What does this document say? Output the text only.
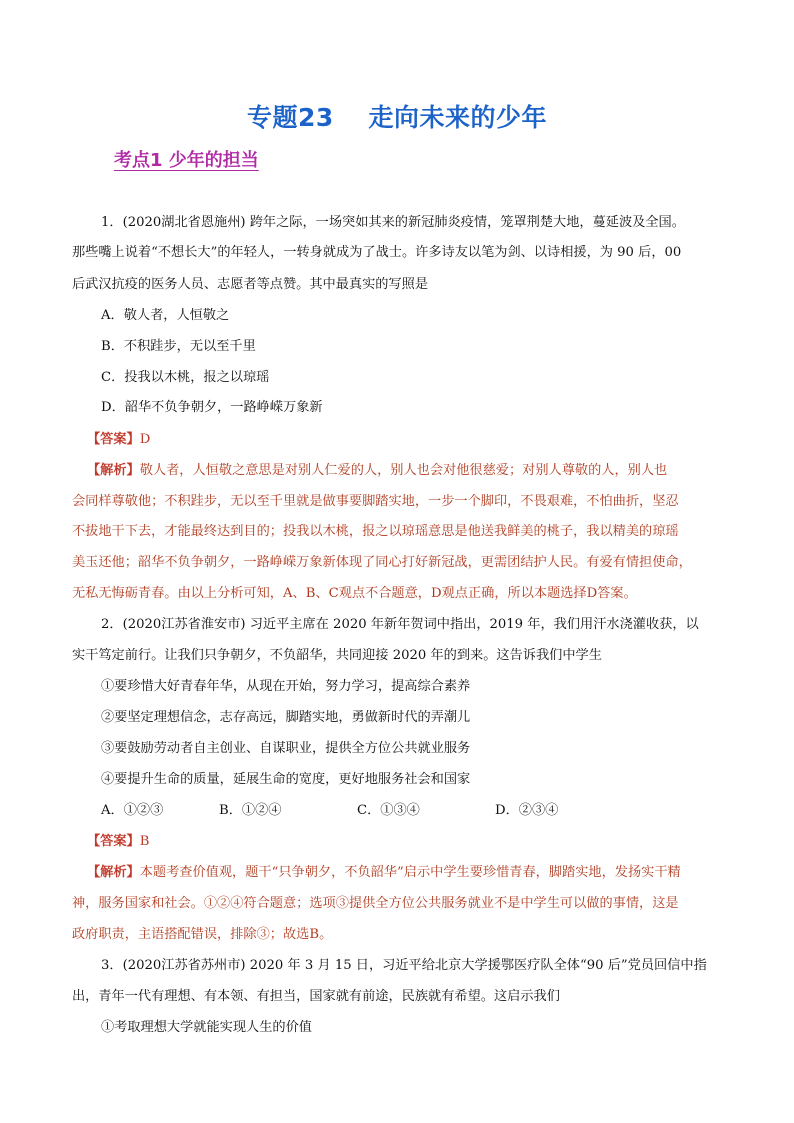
专题23　 走向未来的少年
考点1 少年的担当
1．(2020湖北省恩施州) 跨年之际，一场突如其来的新冠肺炎疫情，笼罩荆楚大地，蔓延波及全国。
那些嘴上说着“不想长大”的年轻人，一转身就成为了战士。许多诗友以笔为剑、以诗相援，为 90 后，00
后武汉抗疫的医务人员、志愿者等点赞。其中最真实的写照是
A．敬人者，人恒敬之
B．不积跬步，无以至千里
C．投我以木桃，报之以琼瑶
D．韶华不负争朝夕，一路峥嵘万象新
【答案】D
【解析】敬人者，人恒敬之意思是对别人仁爱的人，别人也会对他很慈爱；对别人尊敬的人，别人也
会同样尊敬他；不积跬步，无以至千里就是做事要脚踏实地，一步一个脚印，不畏艰难，不怕曲折，坚忍
不拔地干下去，才能最终达到目的；投我以木桃，报之以琼瑶意思是他送我鲜美的桃子，我以精美的琼瑶
美玉还他；韶华不负争朝夕，一路峥嵘万象新体现了同心打好新冠战，更需团结护人民。有爱有情担使命，
无私无悔砺青春。由以上分析可知，A、B、C观点不合题意，D观点正确，所以本题选择D答案。
2．(2020江苏省淮安市) 习近平主席在 2020 年新年贺词中指出，2019 年，我们用汗水浇灌收获，以
实干笃定前行。让我们只争朝夕，不负韶华，共同迎接 2020 年的到来。这告诉我们中学生
①要珍惜大好青春年华，从现在开始，努力学习，提高综合素养
②要坚定理想信念，志存高远，脚踏实地，勇做新时代的弄潮儿
③要鼓励劳动者自主创业、自谋职业，提供全方位公共就业服务
④要提升生命的质量，延展生命的宽度，更好地服务社会和国家
A．①②③	B．①②④	C．①③④	D．②③④
【答案】B
【解析】本题考查价值观，题干“只争朝夕，不负韶华”启示中学生要珍惜青春，脚踏实地，发扬实干精
神，服务国家和社会。①②④符合题意；选项③提供全方位公共服务就业不是中学生可以做的事情，这是
政府职责，主语搭配错误，排除③；故选B。
3．(2020江苏省苏州市) 2020 年 3 月 15 日，习近平给北京大学援鄂医疗队全体“90 后”党员回信中指
出，青年一代有理想、有本领、有担当，国家就有前途，民族就有希望。这启示我们
①考取理想大学就能实现人生的价值
